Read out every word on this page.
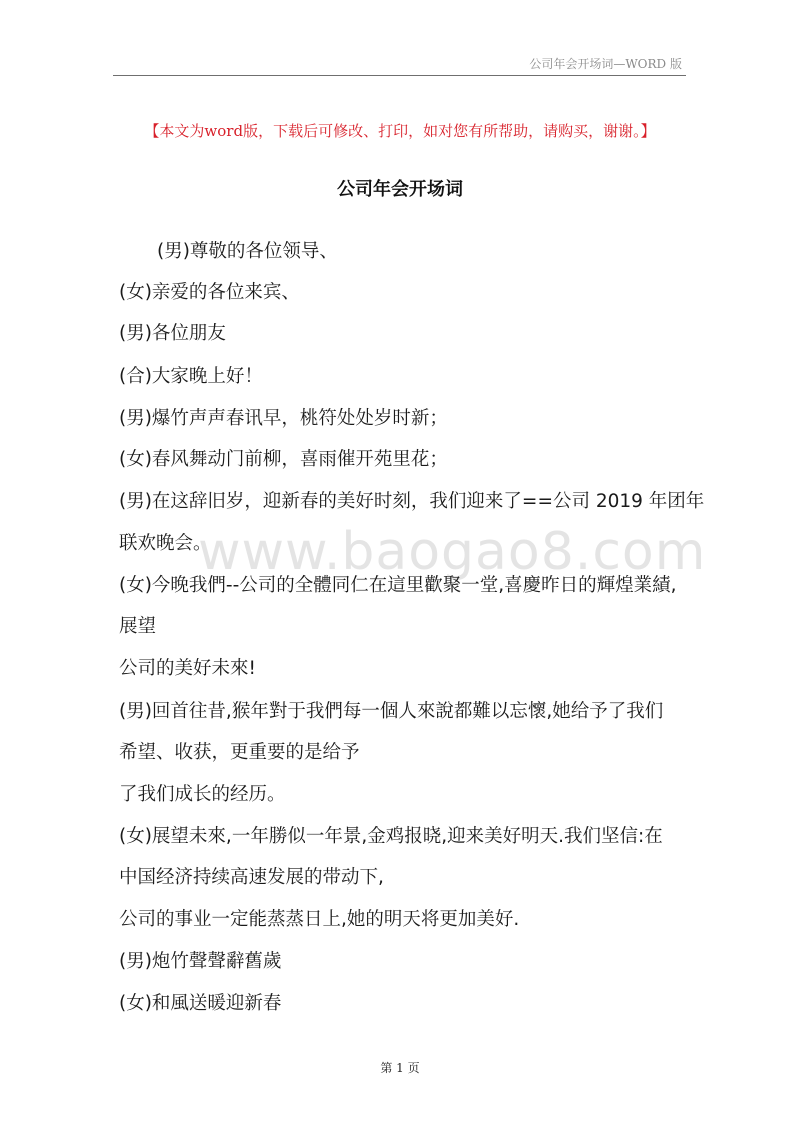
公司年会开场词—WORD 版
【本文为word版，下载后可修改、打印，如对您有所帮助，请购买，谢谢。】
公司年会开场词
www.baogao8.com
(男)尊敬的各位领导、
(女)亲爱的各位来宾、
(男)各位朋友
(合)大家晚上好！
(男)爆竹声声春讯早，桃符处处岁时新；
(女)春风舞动门前柳，喜雨催开苑里花；
(男)在这辞旧岁，迎新春的美好时刻，我们迎来了==公司 2019 年团年
联欢晚会。
(女)今晚我們--公司的全體同仁在這里歡聚一堂,喜慶昨日的輝煌業績,
展望
公司的美好未來!
(男)回首往昔,猴年對于我們每一個人來說都難以忘懷,她给予了我们
希望、收获，更重要的是给予
了我们成长的经历。
(女)展望未來,一年勝似一年景,金鸡报晓,迎来美好明天.我们坚信:在
中国经济持续高速发展的带动下,
公司的事业一定能蒸蒸日上,她的明天将更加美好.
(男)炮竹聲聲辭舊歲
(女)和風送暖迎新春
第 1 页
